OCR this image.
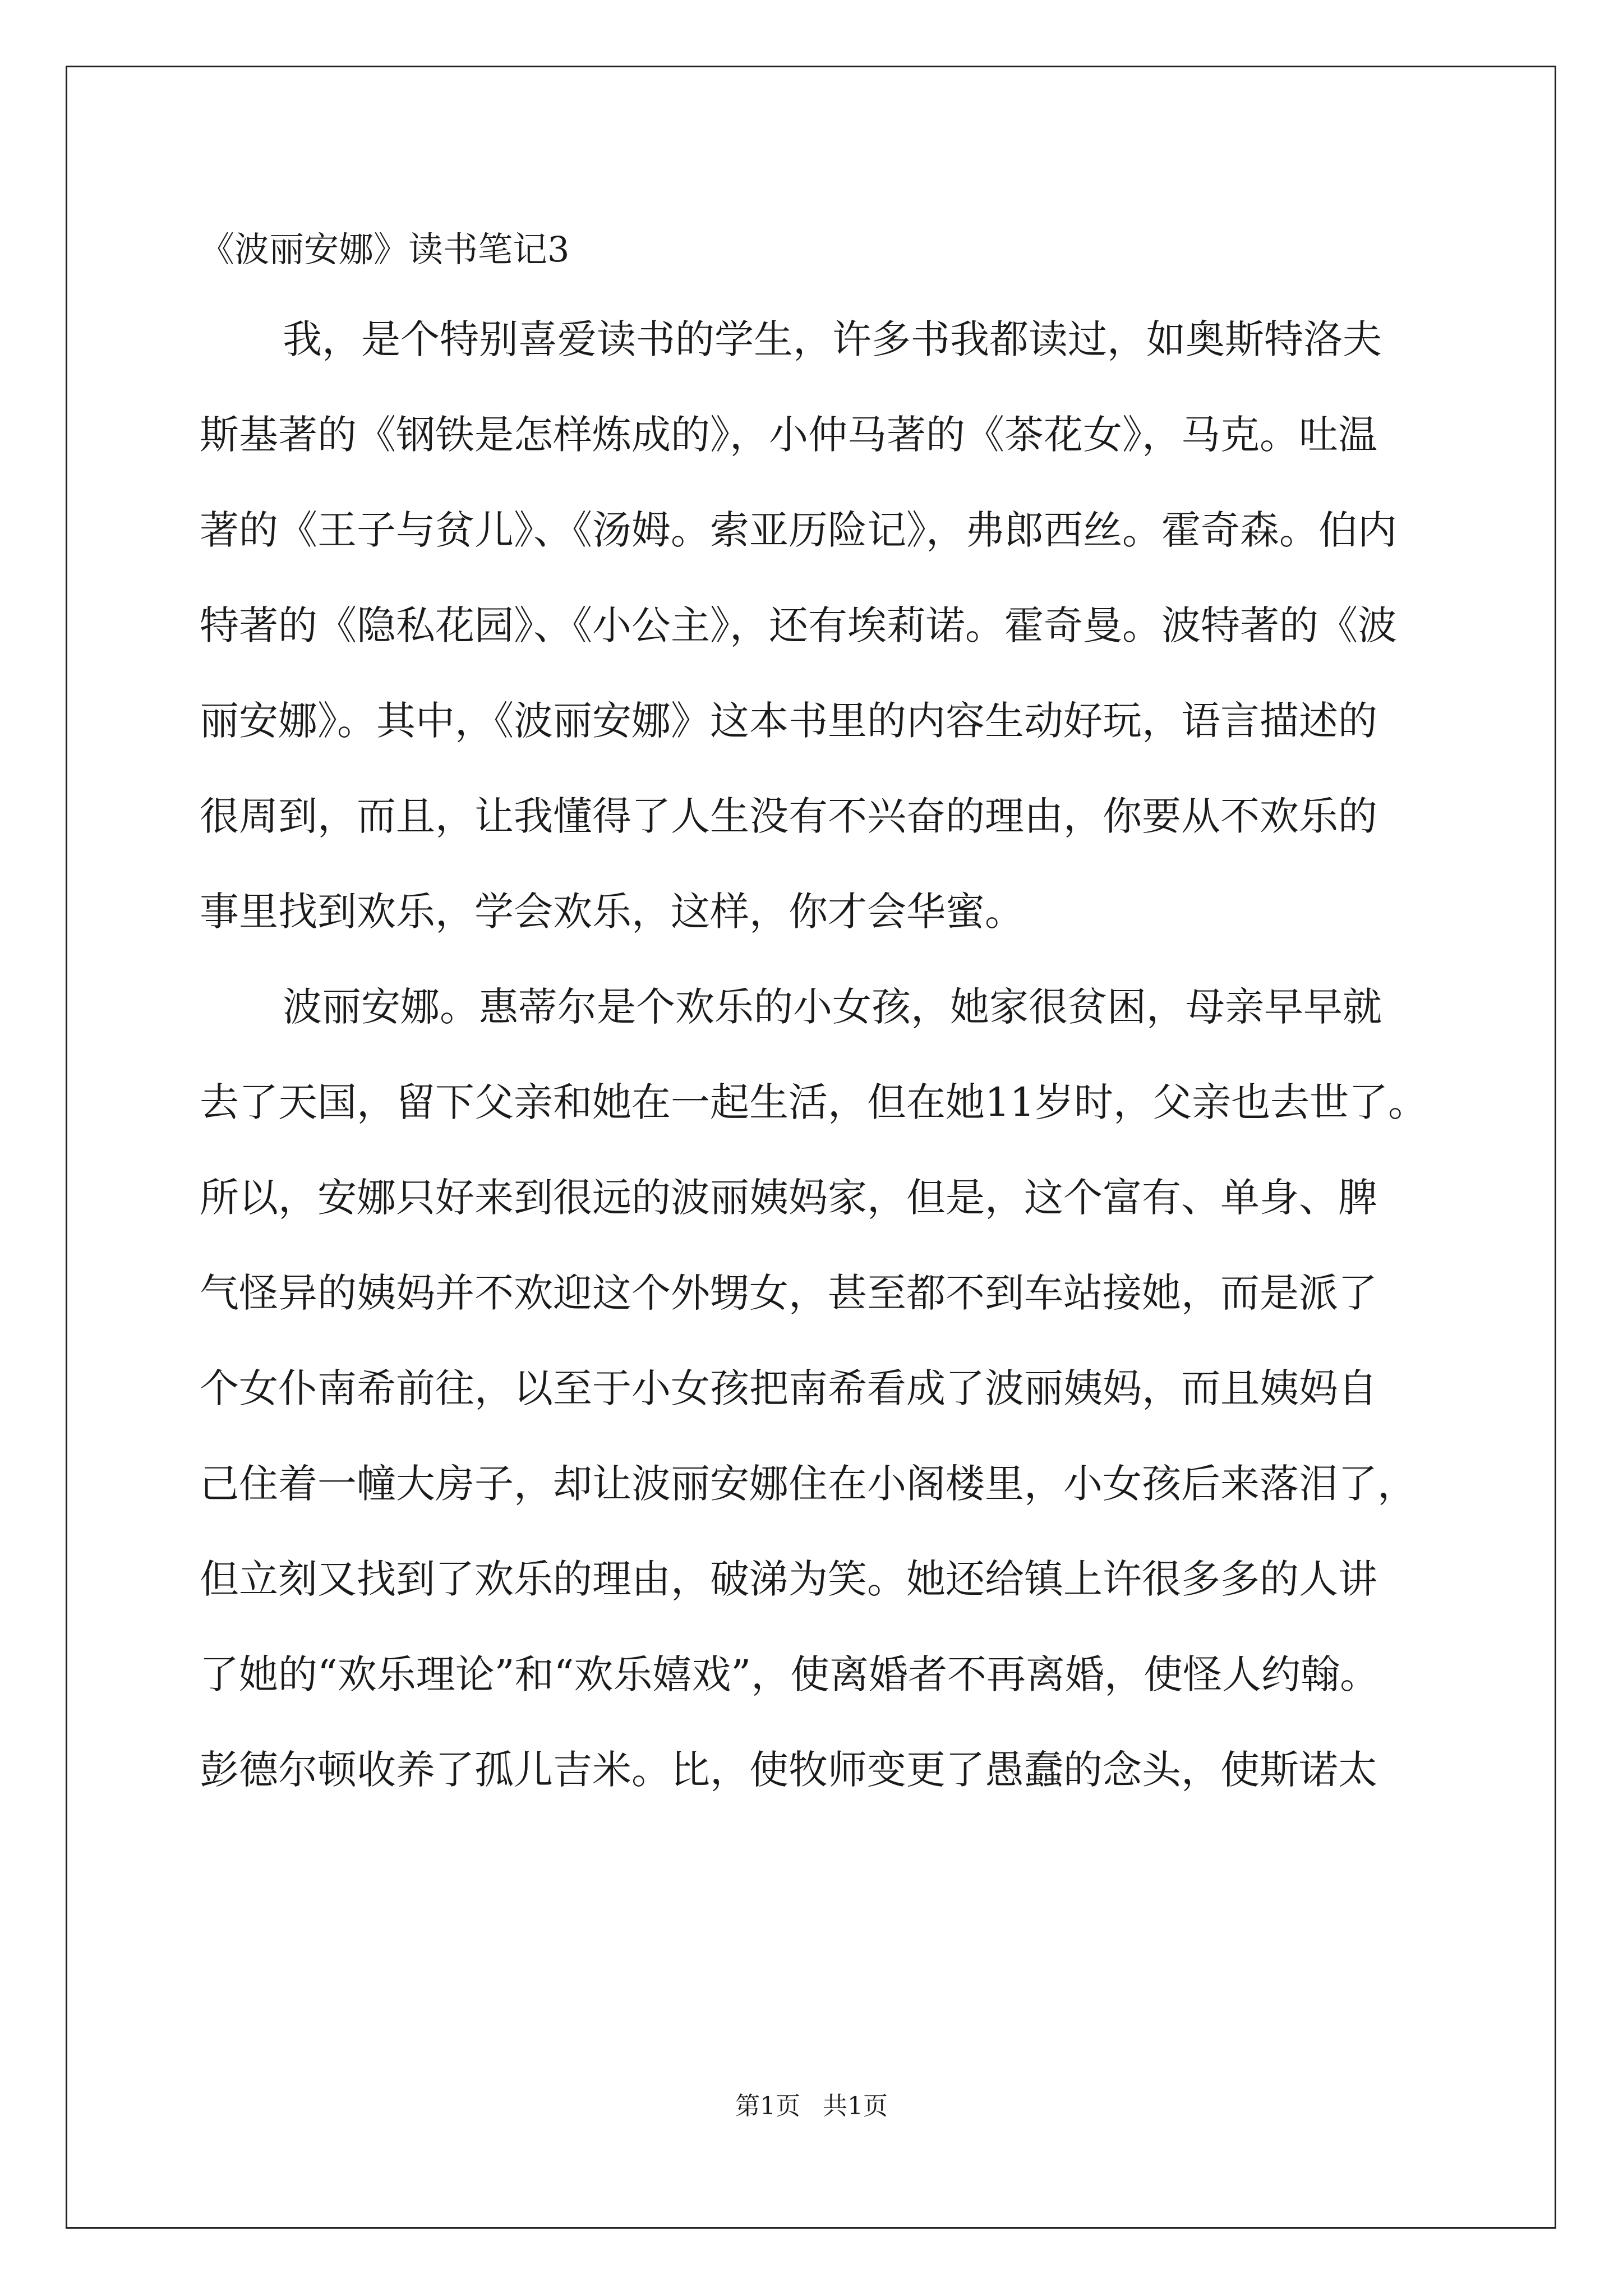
《波丽安娜》读书笔记3
我，是个特别喜爱读书的学生，许多书我都读过，如奥斯特洛夫
斯基著的《钢铁是怎样炼成的》，小仲马著的《茶花女》，马克。吐温
著的《王子与贫儿》、《汤姆。索亚历险记》，弗郎西丝。霍奇森。伯内
特著的《隐私花园》、《小公主》，还有埃莉诺。霍奇曼。波特著的《波
丽安娜》。其中，《波丽安娜》这本书里的内容生动好玩，语言描述的
很周到，而且，让我懂得了人生没有不兴奋的理由，你要从不欢乐的
事里找到欢乐，学会欢乐，这样，你才会华蜜。
波丽安娜。惠蒂尔是个欢乐的小女孩，她家很贫困，母亲早早就
去了天国，留下父亲和她在一起生活，但在她11岁时，父亲也去世了。
所以，安娜只好来到很远的波丽姨妈家，但是，这个富有、单身、脾
气怪异的姨妈并不欢迎这个外甥女，甚至都不到车站接她，而是派了
个女仆南希前往，以至于小女孩把南希看成了波丽姨妈，而且姨妈自
己住着一幢大房子，却让波丽安娜住在小阁楼里，小女孩后来落泪了，
但立刻又找到了欢乐的理由，破涕为笑。她还给镇上许很多多的人讲
了她的“欢乐理论”和“欢乐嬉戏”，使离婚者不再离婚，使怪人约翰。
彭德尔顿收养了孤儿吉米。比，使牧师变更了愚蠢的念头，使斯诺太
第1页 共1页
